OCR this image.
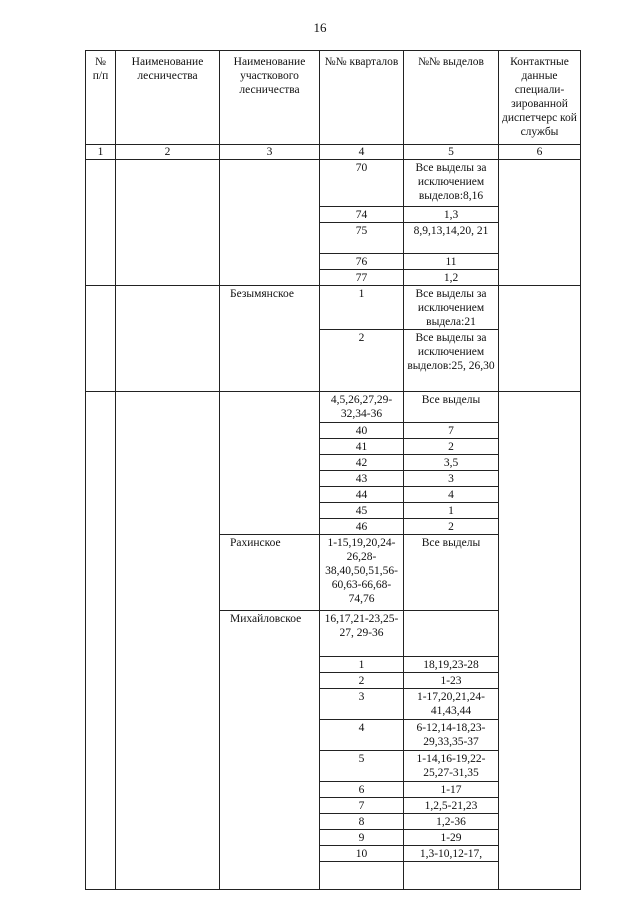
16
№ п/п	Наименование лесничества	Наименование участкового лесничества	№№ кварталов	№№ выделов	Контактные данные специали-зированной диспетчерс кой службы
1	2	3	4	5	6
			70	Все выделы за исключением выделов:8,16	
			74	1,3	
			75	8,9,13,14,20, 21	
			76	11	
			77	1,2	
		Безымянское	1	Все выделы за исключением выдела:21	
			2	Все выделы за исключением выделов:25, 26,30	
			4,5,26,27,29-32,34-36	Все выделы	
			40	7	
			41	2	
			42	3,5	
			43	3	
			44	4	
			45	1	
			46	2	
		Рахинское	1-15,19,20,24-26,28-38,40,50,51,56-60,63-66,68-74,76	Все выделы	
		Михайловское	16,17,21-23,25-27, 29-36		
			1	18,19,23-28	
			2	1-23	
			3	1-17,20,21,24-41,43,44	
			4	6-12,14-18,23-29,33,35-37	
			5	1-14,16-19,22-25,27-31,35	
			6	1-17	
			7	1,2,5-21,23	
			8	1,2-36	
			9	1-29	
			10	1,3-10,12-17,	
